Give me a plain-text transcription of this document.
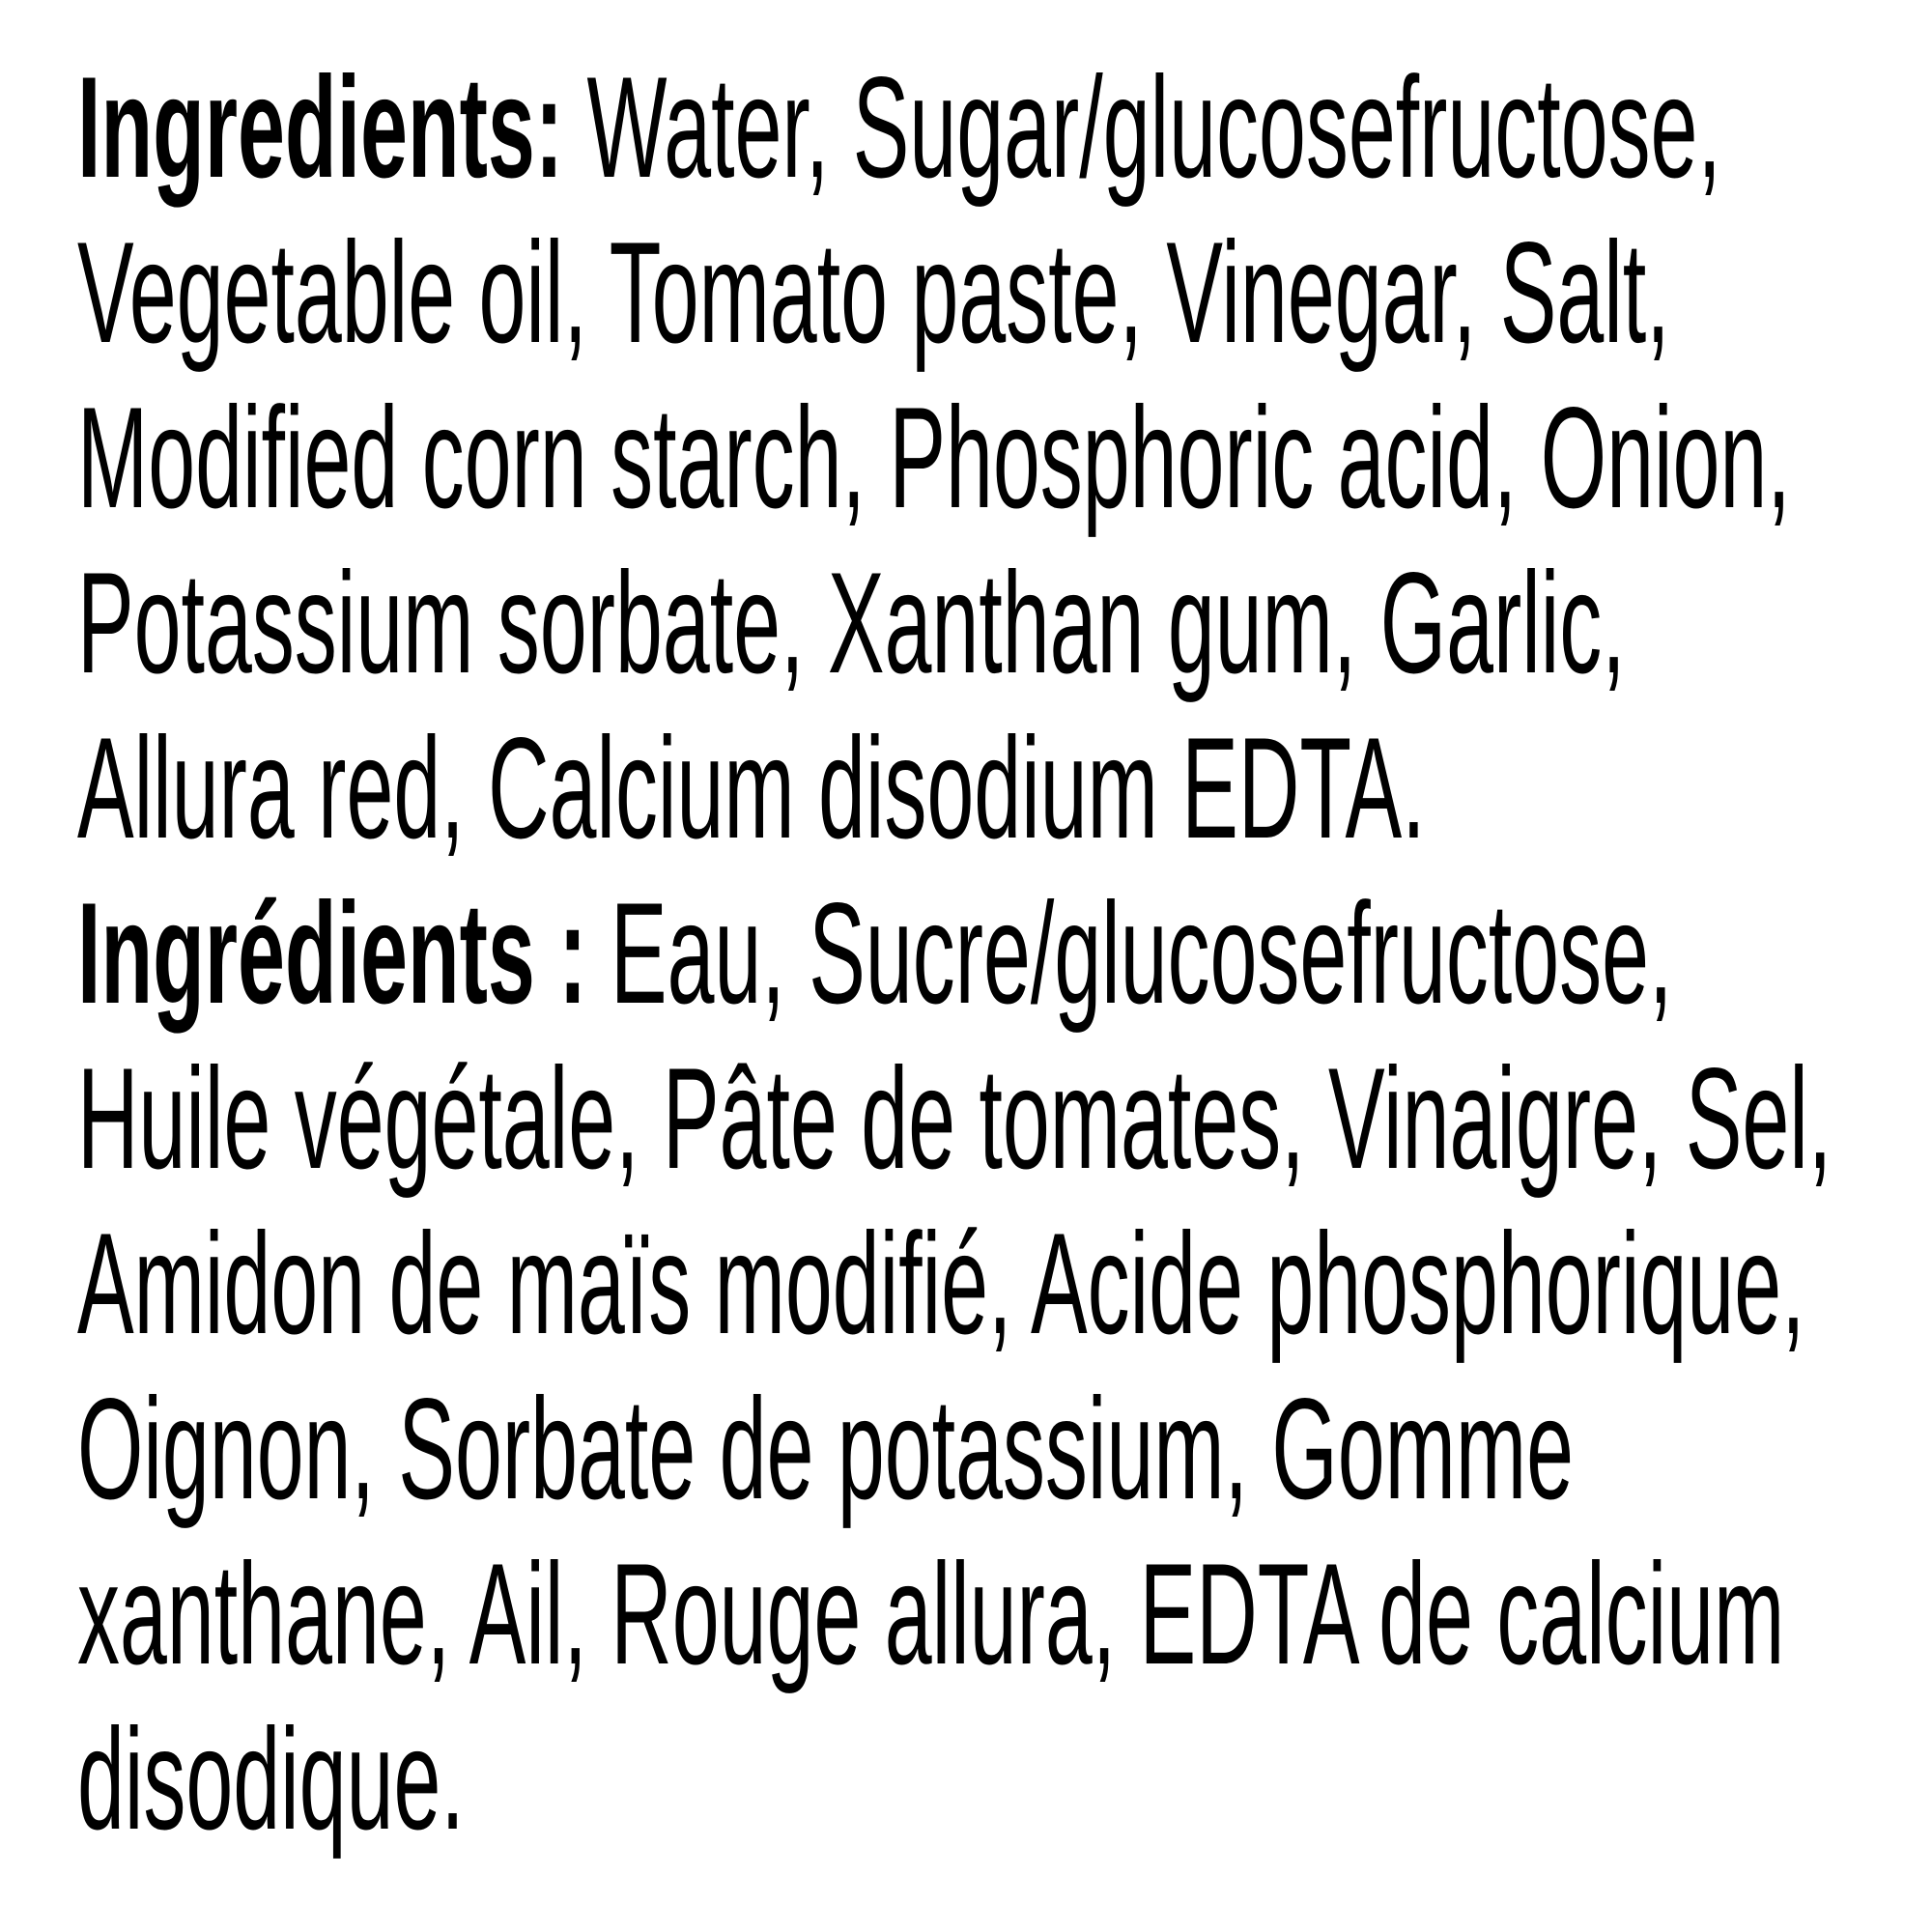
Ingredients: Water, Sugar/glucosefructose,
Vegetable oil, Tomato paste, Vinegar, Salt,
Modified corn starch, Phosphoric acid, Onion,
Potassium sorbate, Xanthan gum, Garlic,
Allura red, Calcium disodium EDTA.
Ingrédients : Eau, Sucre/glucosefructose,
Huile végétale, Pâte de tomates, Vinaigre, Sel,
Amidon de maïs modifié, Acide phosphorique,
Oignon, Sorbate de potassium, Gomme
xanthane, Ail, Rouge allura, EDTA de calcium
disodique.
